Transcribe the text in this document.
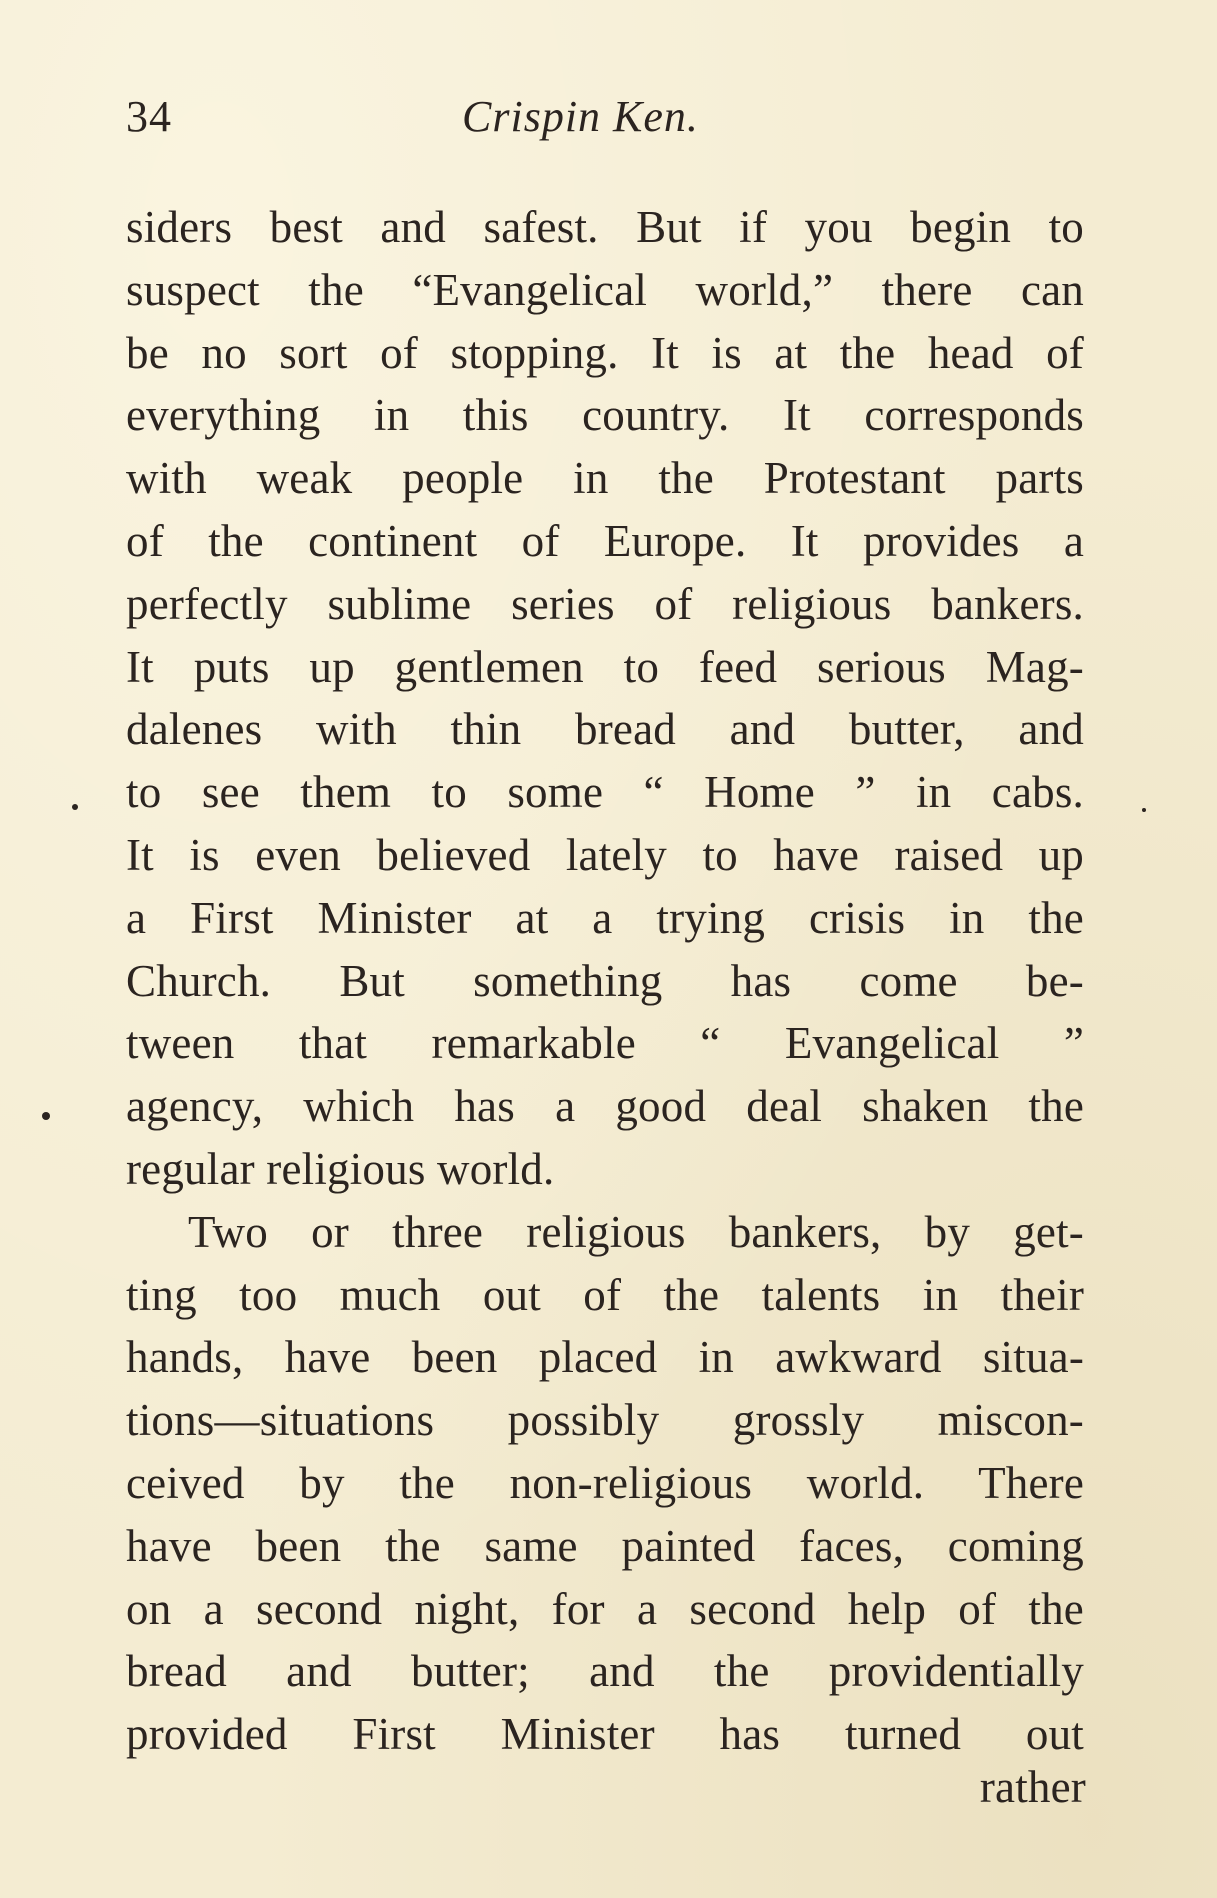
34	Crispin Ken.
siders best and safest. But if you begin to
suspect the “Evangelical world,” there can
be no sort of stopping. It is at the head of
everything in this country. It corresponds
with weak people in the Protestant parts
of the continent of Europe. It provides a
perfectly sublime series of religious bankers.
It puts up gentlemen to feed serious Mag-
dalenes with thin bread and butter, and
to see them to some “ Home ” in cabs.
It is even believed lately to have raised up
a First Minister at a trying crisis in the
Church. But something has come be-
tween that remarkable “ Evangelical ”
agency, which has a good deal shaken the
regular religious world.
Two or three religious bankers, by get-
ting too much out of the talents in their
hands, have been placed in awkward situa-
tions—situations possibly grossly miscon-
ceived by the non-religious world. There
have been the same painted faces, coming
on a second night, for a second help of the
bread and butter; and the providentially
provided First Minister has turned out
rather
